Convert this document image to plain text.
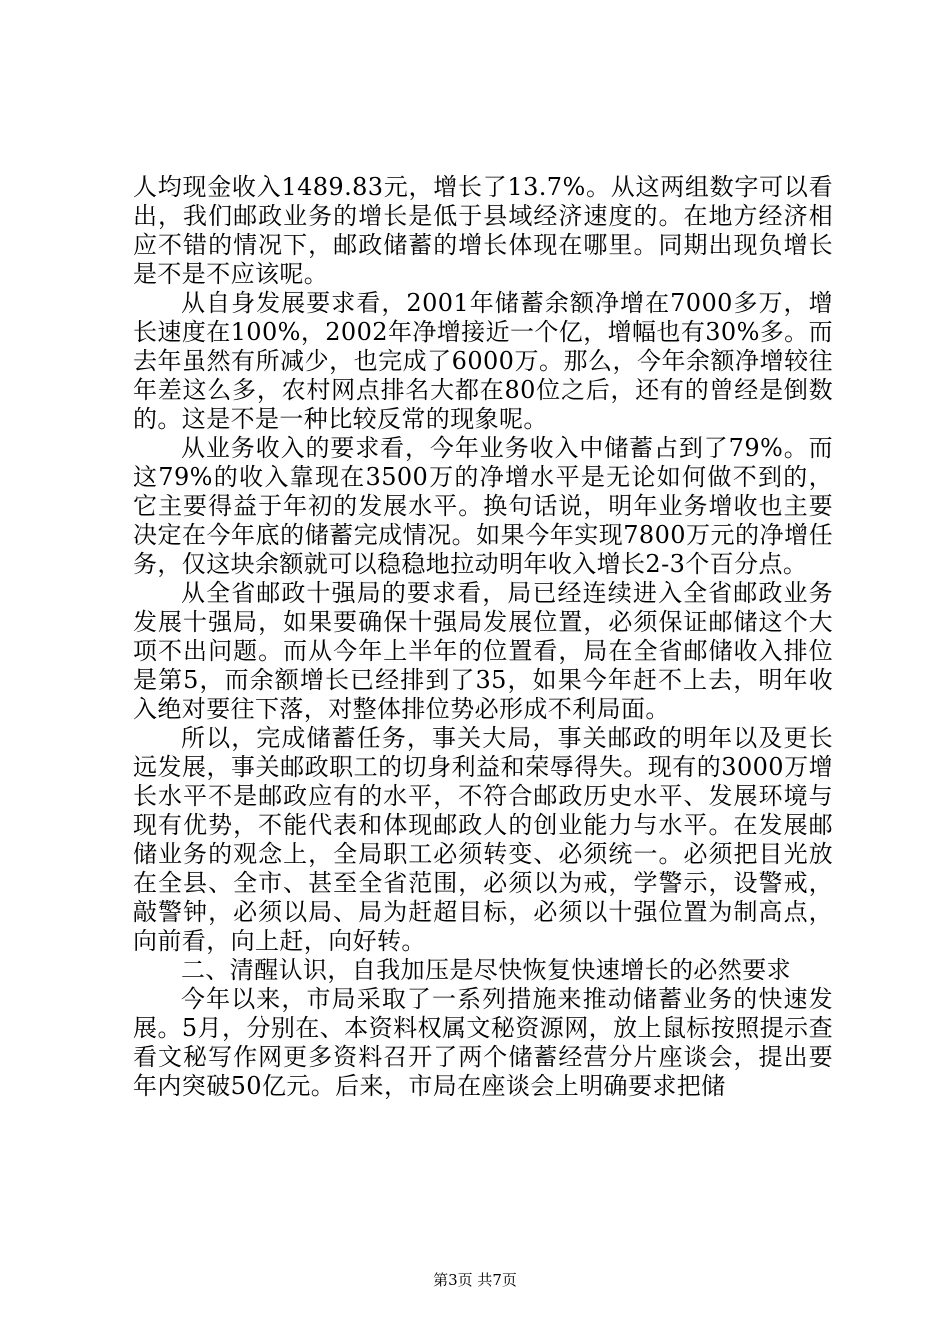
人均现金收入1489.83元，增长了13.7%。从这两组数字可以看出，我们邮政业务的增长是低于县域经济速度的。在地方经济相应不错的情况下，邮政储蓄的增长体现在哪里。同期出现负增长是不是不应该呢。

从自身发展要求看，2001年储蓄余额净增在7000多万，增长速度在100%，2002年净增接近一个亿，增幅也有30%多。而去年虽然有所减少，也完成了6000万。那么，今年余额净增较往年差这么多，农村网点排名大都在80位之后，还有的曾经是倒数的。这是不是一种比较反常的现象呢。

从业务收入的要求看，今年业务收入中储蓄占到了79%。而这79%的收入靠现在3500万的净增水平是无论如何做不到的，它主要得益于年初的发展水平。换句话说，明年业务增收也主要决定在今年底的储蓄完成情况。如果今年实现7800万元的净增任务，仅这块余额就可以稳稳地拉动明年收入增长2-3个百分点。

从全省邮政十强局的要求看，局已经连续进入全省邮政业务发展十强局，如果要确保十强局发展位置，必须保证邮储这个大项不出问题。而从今年上半年的位置看，局在全省邮储收入排位是第5，而余额增长已经排到了35，如果今年赶不上去，明年收入绝对要往下落，对整体排位势必形成不利局面。

所以，完成储蓄任务，事关大局，事关邮政的明年以及更长远发展，事关邮政职工的切身利益和荣辱得失。现有的3000万增长水平不是邮政应有的水平，不符合邮政历史水平、发展环境与现有优势，不能代表和体现邮政人的创业能力与水平。在发展邮储业务的观念上，全局职工必须转变、必须统一。必须把目光放在全县、全市、甚至全省范围，必须以为戒，学警示，设警戒，敲警钟，必须以局、局为赶超目标，必须以十强位置为制高点，向前看，向上赶，向好转。

二、清醒认识，自我加压是尽快恢复快速增长的必然要求

今年以来，市局采取了一系列措施来推动储蓄业务的快速发展。5月，分别在、本资料权属文秘资源网，放上鼠标按照提示查看文秘写作网更多资料召开了两个储蓄经营分片座谈会，提出要年内突破50亿元。后来，市局在座谈会上明确要求把储

第3页 共7页
